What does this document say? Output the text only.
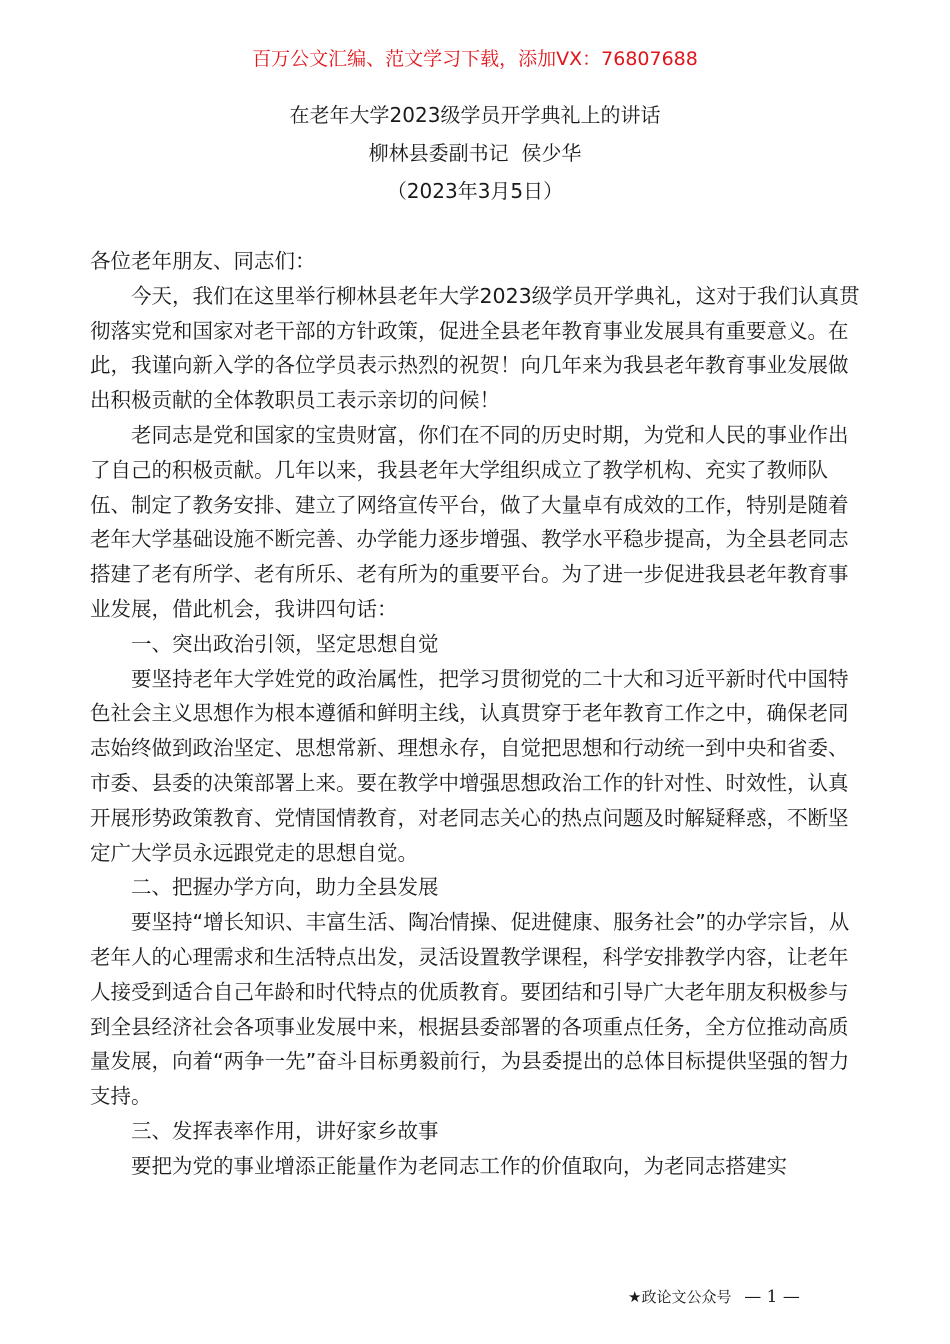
百万公文汇编、范文学习下载，添加VX：76807688
在老年大学2023级学员开学典礼上的讲话
柳林县委副书记  侯少华
（2023年3月5日）

各位老年朋友、同志们：

今天，我们在这里举行柳林县老年大学2023级学员开学典礼，这对于我们认真贯彻落实党和国家对老干部的方针政策，促进全县老年教育事业发展具有重要意义。在此，我谨向新入学的各位学员表示热烈的祝贺！向几年来为我县老年教育事业发展做出积极贡献的全体教职员工表示亲切的问候！

老同志是党和国家的宝贵财富，你们在不同的历史时期，为党和人民的事业作出了自己的积极贡献。几年以来，我县老年大学组织成立了教学机构、充实了教师队伍、制定了教务安排、建立了网络宣传平台，做了大量卓有成效的工作，特别是随着老年大学基础设施不断完善、办学能力逐步增强、教学水平稳步提高，为全县老同志搭建了老有所学、老有所乐、老有所为的重要平台。为了进一步促进我县老年教育事业发展，借此机会，我讲四句话：

一、突出政治引领，坚定思想自觉

要坚持老年大学姓党的政治属性，把学习贯彻党的二十大和习近平新时代中国特色社会主义思想作为根本遵循和鲜明主线，认真贯穿于老年教育工作之中，确保老同志始终做到政治坚定、思想常新、理想永存，自觉把思想和行动统一到中央和省委、市委、县委的决策部署上来。要在教学中增强思想政治工作的针对性、时效性，认真开展形势政策教育、党情国情教育，对老同志关心的热点问题及时解疑释惑，不断坚定广大学员永远跟党走的思想自觉。

二、把握办学方向，助力全县发展

要坚持“增长知识、丰富生活、陶冶情操、促进健康、服务社会”的办学宗旨，从老年人的心理需求和生活特点出发，灵活设置教学课程，科学安排教学内容，让老年人接受到适合自己年龄和时代特点的优质教育。要团结和引导广大老年朋友积极参与到全县经济社会各项事业发展中来，根据县委部署的各项重点任务，全方位推动高质量发展，向着“两争一先”奋斗目标勇毅前行，为县委提出的总体目标提供坚强的智力支持。

三、发挥表率作用，讲好家乡故事

要把为党的事业增添正能量作为老同志工作的价值取向，为老同志搭建实

★政论文公众号 — 1 —
